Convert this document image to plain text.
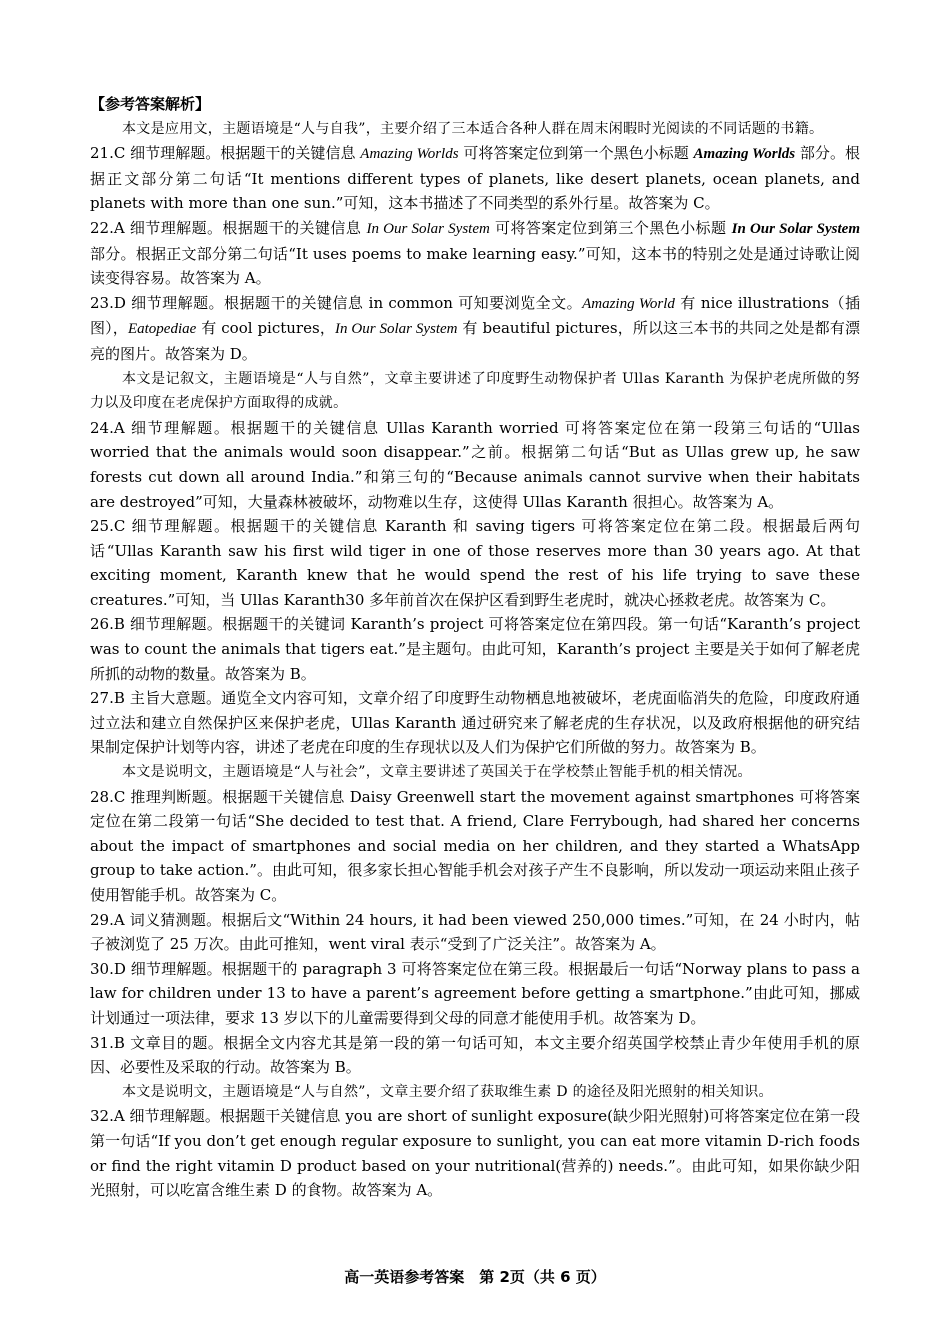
【参考答案解析】
本文是应用文，主题语境是“人与自我”，主要介绍了三本适合各种人群在周末闲暇时光阅读的不同话题的书籍。

21.C 细节理解题。根据题干的关键信息 Amazing Worlds 可将答案定位到第一个黑色小标题 Amazing Worlds 部分。根据正文部分第二句话“It mentions different types of planets, like desert planets, ocean planets, and planets with more than one sun.”可知，这本书描述了不同类型的系外行星。故答案为 C。

22.A 细节理解题。根据题干的关键信息 In Our Solar System 可将答案定位到第三个黑色小标题 In Our Solar System 部分。根据正文部分第二句话“It uses poems to make learning easy.”可知，这本书的特别之处是通过诗歌让阅读变得容易。故答案为 A。

23.D 细节理解题。根据题干的关键信息 in common 可知要浏览全文。Amazing World 有 nice illustrations（插图），Eatopediae 有 cool pictures，In Our Solar System 有 beautiful pictures，所以这三本书的共同之处是都有漂亮的图片。故答案为 D。

本文是记叙文，主题语境是“人与自然”，文章主要讲述了印度野生动物保护者 Ullas Karanth 为保护老虎所做的努力以及印度在老虎保护方面取得的成就。

24.A 细节理解题。根据题干的关键信息 Ullas Karanth worried 可将答案定位在第一段第三句话的“Ullas worried that the animals would soon disappear.”之前。根据第二句话“But as Ullas grew up, he saw forests cut down all around India.”和第三句的“Because animals cannot survive when their habitats are destroyed”可知，大量森林被破坏，动物难以生存，这使得 Ullas Karanth 很担心。故答案为 A。

25.C 细节理解题。根据题干的关键信息 Karanth 和 saving tigers 可将答案定位在第二段。根据最后两句话“Ullas Karanth saw his first wild tiger in one of those reserves more than 30 years ago. At that exciting moment, Karanth knew that he would spend the rest of his life trying to save these creatures.”可知，当 Ullas Karanth30 多年前首次在保护区看到野生老虎时，就决心拯救老虎。故答案为 C。

26.B 细节理解题。根据题干的关键词 Karanth’s project 可将答案定位在第四段。第一句话“Karanth’s project was to count the animals that tigers eat.”是主题句。由此可知，Karanth’s project 主要是关于如何了解老虎所抓的动物的数量。故答案为 B。

27.B 主旨大意题。通览全文内容可知，文章介绍了印度野生动物栖息地被破坏，老虎面临消失的危险，印度政府通过立法和建立自然保护区来保护老虎，Ullas Karanth 通过研究来了解老虎的生存状况，以及政府根据他的研究结果制定保护计划等内容，讲述了老虎在印度的生存现状以及人们为保护它们所做的努力。故答案为 B。

本文是说明文，主题语境是“人与社会”，文章主要讲述了英国关于在学校禁止智能手机的相关情况。

28.C 推理判断题。根据题干关键信息 Daisy Greenwell start the movement against smartphones 可将答案定位在第二段第一句话“She decided to test that. A friend, Clare Ferrybough, had shared her concerns about the impact of smartphones and social media on her children, and they started a WhatsApp group to take action.”。由此可知，很多家长担心智能手机会对孩子产生不良影响，所以发动一项运动来阻止孩子使用智能手机。故答案为 C。

29.A 词义猜测题。根据后文“Within 24 hours, it had been viewed 250,000 times.”可知，在 24 小时内，帖子被浏览了 25 万次。由此可推知，went viral 表示“受到了广泛关注”。故答案为 A。

30.D 细节理解题。根据题干的 paragraph 3 可将答案定位在第三段。根据最后一句话“Norway plans to pass a law for children under 13 to have a parent’s agreement before getting a smartphone.”由此可知，挪威计划通过一项法律，要求 13 岁以下的儿童需要得到父母的同意才能使用手机。故答案为 D。

31.B 文章目的题。根据全文内容尤其是第一段的第一句话可知，本文主要介绍英国学校禁止青少年使用手机的原因、必要性及采取的行动。故答案为 B。

本文是说明文，主题语境是“人与自然”，文章主要介绍了获取维生素 D 的途径及阳光照射的相关知识。

32.A 细节理解题。根据题干关键信息 you are short of sunlight exposure(缺少阳光照射)可将答案定位在第一段第一句话“If you don’t get enough regular exposure to sunlight, you can eat more vitamin D-rich foods or find the right vitamin D product based on your nutritional(营养的) needs.”。由此可知，如果你缺少阳光照射，可以吃富含维生素 D 的食物。故答案为 A。

高一英语参考答案　第 2页（共 6 页）
